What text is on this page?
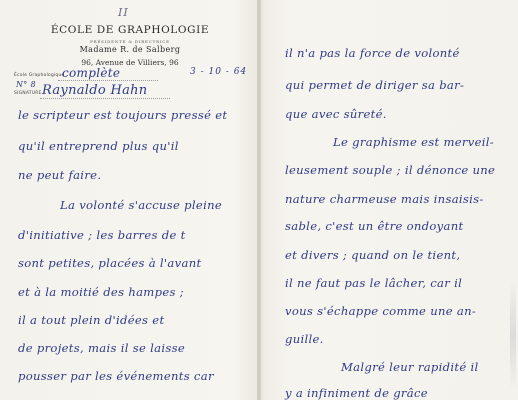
II
ÉCOLE DE GRAPHOLOGIE
PRÉSIDENTE & DIRECTRICE
Madame R. de Salberg
96, Avenue de Villiers, 96
École Graphologique
complète
N° 8
3 - 10 - 64
SIGNATURE Raynaldo Hahn
le scripteur est toujours pressé et
qu'il entreprend plus qu'il
ne peut faire.
La volonté s'accuse pleine
d'initiative ; les barres de t
sont petites, placées à l'avant
et à la moitié des hampes ;
il a tout plein d'idées et
de projets, mais il se laisse
pousser par les événements car
il n'a pas la force de volonté
qui permet de diriger sa bar-
que avec sûreté.
Le graphisme est merveil-
leusement souple ; il dénonce une
nature charmeuse mais insaisis-
sable, c'est un être ondoyant
et divers ; quand on le tient,
il ne faut pas le lâcher, car il
vous s'échappe comme une an-
guille.
Malgré leur rapidité il
y a infiniment de grâce
